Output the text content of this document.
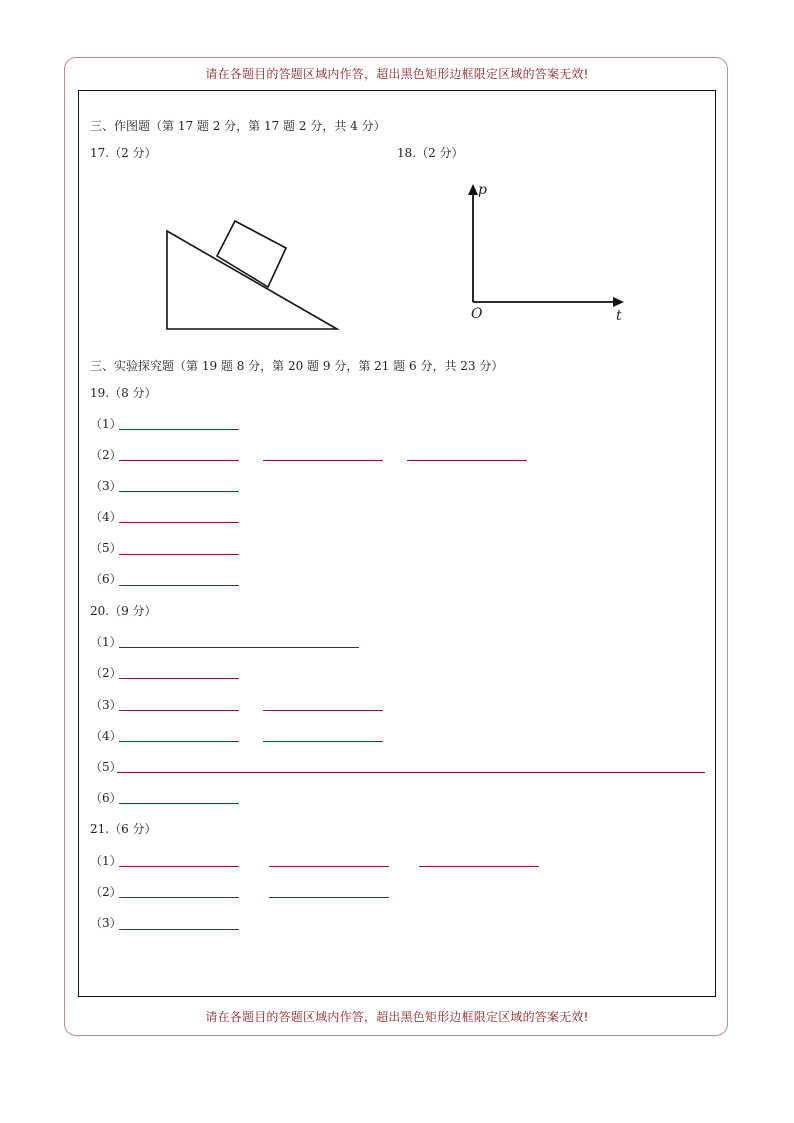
请在各题目的答题区域内作答，超出黑色矩形边框限定区域的答案无效!
请在各题目的答题区域内作答，超出黑色矩形边框限定区域的答案无效!
三、作图题（第 17 题 2 分，第 17 题 2 分，共 4 分）
17.（2 分）	18.（2 分）
p
O	t
三、实验探究题（第 19 题 8 分，第 20 题 9 分，第 21 题 6 分，共 23 分）
19.（8 分）
（1）
（2）
（3）
（4）
（5）
（6）
20.（9 分）
（1）
（2）
（3）
（4）
（5）
（6）
21.（6 分）
（1）
（2）
（3）
